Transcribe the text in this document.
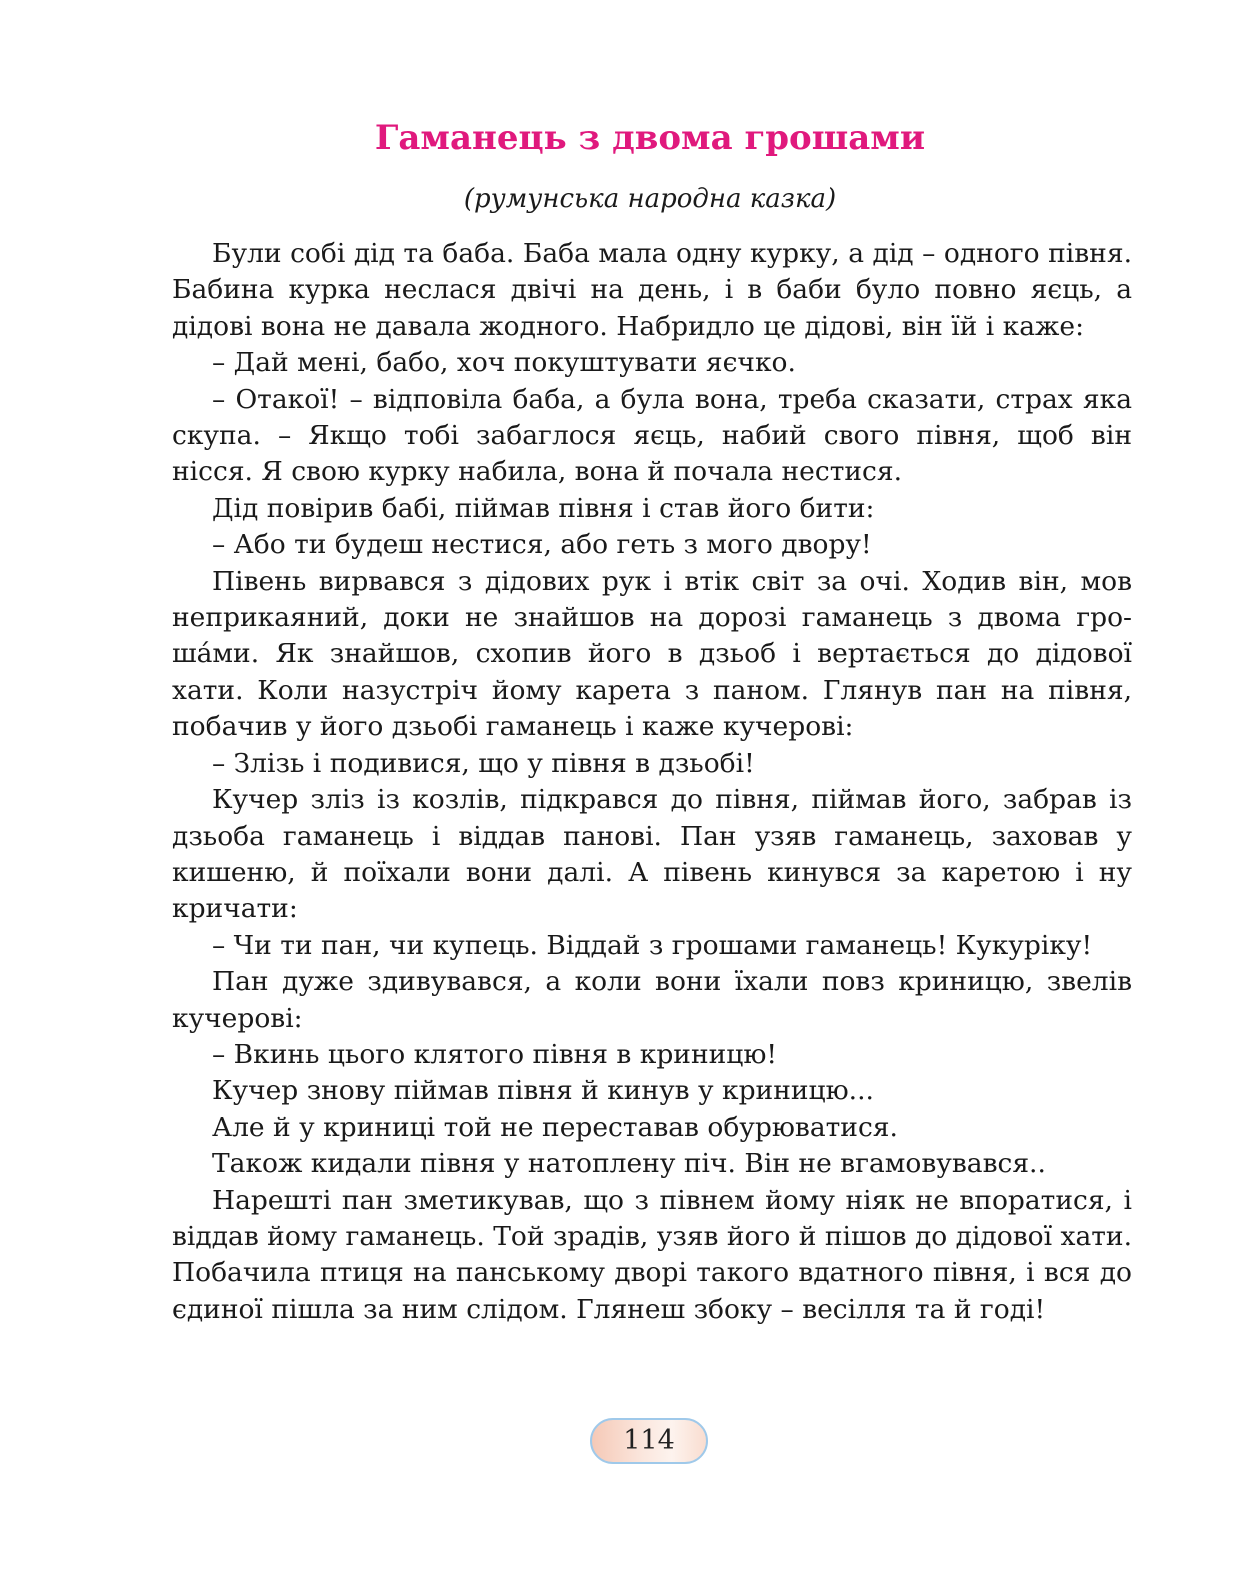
Гаманець з двома грошами
(румунська народна казка)

Були собі дід та баба. Баба мала одну курку, а дід – одного півня. Бабина курка неслася двічі на день, і в баби було повно яєць, а дідові вона не давала жодного. Набридло це дідові, він їй і каже:

– Дай мені, бабо, хоч покуштувати яєчко.

– Отакої! – відповіла баба, а була вона, треба сказати, страх яка скупа. – Якщо тобі забаглося яєць, набий свого півня, щоб він нісся. Я свою курку набила, вона й почала нестися.

Дід повірив бабі, піймав півня і став його бити:

– Або ти будеш нестися, або геть з мого двору!

Півень вирвався з дідових рук і втік світ за очі. Ходив він, мов неприкаяний, доки не знайшов на дорозі гаманець з двома гроша́ми. Як знайшов, схопив його в дзьоб і вертається до дідової хати. Коли назустріч йому карета з паном. Глянув пан на півня, побачив у його дзьобі гаманець і каже кучерові:

– Злізь і подивися, що у півня в дзьобі!

Кучер зліз із козлів, підкрався до півня, піймав його, забрав із дзьоба гаманець і віддав панові. Пан узяв гаманець, заховав у кишеню, й поїхали вони далі. А півень кинувся за каретою і ну кричати:

– Чи ти пан, чи купець. Віддай з грошами гаманець! Кукуріку!

Пан дуже здивувався, а коли вони їхали повз криницю, звелів кучерові:

– Вкинь цього клятого півня в криницю!

Кучер знову піймав півня й кинув у криницю...

Але й у криниці той не переставав обурюватися.

Також кидали півня у натоплену піч. Він не вгамовувався..

Нарешті пан зметикував, що з півнем йому ніяк не впоратися, і віддав йому гаманець. Той зрадів, узяв його й пішов до дідової хати. Побачила птиця на панському дворі такого вдатного півня, і вся до єдиної пішла за ним слідом. Глянеш збоку – весілля та й годі!

114
